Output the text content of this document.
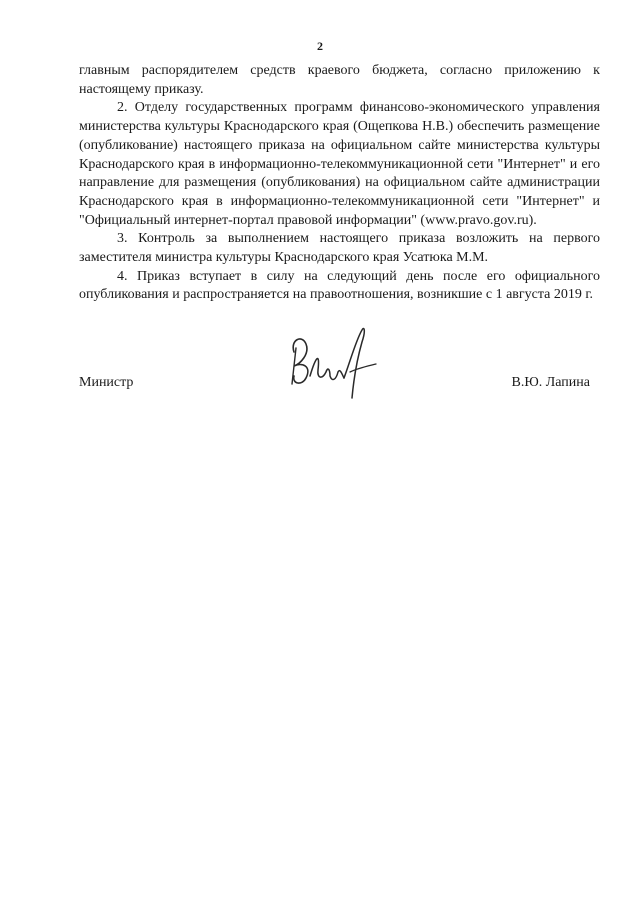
2

главным распорядителем средств краевого бюджета, согласно приложению к настоящему приказу.

2. Отделу государственных программ финансово-экономического управления министерства культуры Краснодарского края (Ощепкова Н.В.) обеспечить размещение (опубликование) настоящего приказа на официальном сайте министерства культуры Краснодарского края в информационно-телекоммуникационной сети "Интернет" и его направление для размещения (опубликования) на официальном сайте администрации Краснодарского края в информационно-телекоммуникационной сети "Интернет" и "Официальный интернет-портал правовой информации" (www.pravo.gov.ru).

3. Контроль за выполнением настоящего приказа возложить на первого заместителя министра культуры Краснодарского края Усатюка М.М.

4. Приказ вступает в силу на следующий день после его официального опубликования и распространяется на правоотношения, возникшие с 1 августа 2019 г.

Министр	В.Ю. Лапина
